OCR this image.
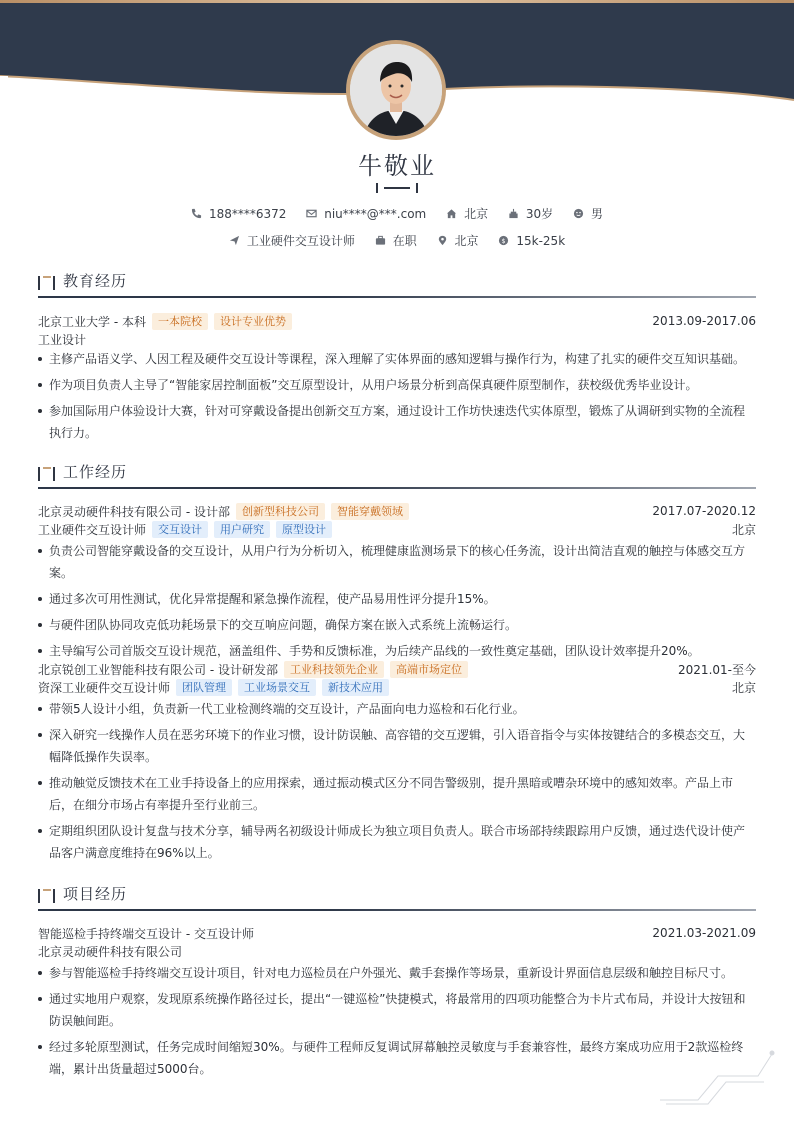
牛敬业
188****6372
	niu****@***.com
	北京
	30岁
	男
工业硬件交互设计师
	在职
	北京
	$ 15k-25k
教育经历
北京工业大学 - 本科	一本院校	设计专业优势	2013.09-2017.06
工业设计
主修产品语义学、人因工程及硬件交互设计等课程，深入理解了实体界面的感知逻辑与操作行为，构建了扎实的硬件交互知识基础。
作为项目负责人主导了“智能家居控制面板”交互原型设计，从用户场景分析到高保真硬件原型制作，获校级优秀毕业设计。
参加国际用户体验设计大赛，针对可穿戴设备提出创新交互方案，通过设计工作坊快速迭代实体原型，锻炼了从调研到实物的全流程执行力。
工作经历
北京灵动硬件科技有限公司 - 设计部	创新型科技公司	智能穿戴领域	2017.07-2020.12
工业硬件交互设计师	交互设计	用户研究	原型设计	北京
负责公司智能穿戴设备的交互设计，从用户行为分析切入，梳理健康监测场景下的核心任务流，设计出简洁直观的触控与体感交互方案。
通过多次可用性测试，优化异常提醒和紧急操作流程，使产品易用性评分提升15%。
与硬件团队协同攻克低功耗场景下的交互响应问题，确保方案在嵌入式系统上流畅运行。
主导编写公司首版交互设计规范，涵盖组件、手势和反馈标准，为后续产品线的一致性奠定基础，团队设计效率提升20%。
北京锐创工业智能科技有限公司 - 设计研发部	工业科技领先企业	高端市场定位	2021.01-至今
资深工业硬件交互设计师	团队管理	工业场景交互	新技术应用	北京
带领5人设计小组，负责新一代工业检测终端的交互设计，产品面向电力巡检和石化行业。
深入研究一线操作人员在恶劣环境下的作业习惯，设计防误触、高容错的交互逻辑，引入语音指令与实体按键结合的多模态交互，大幅降低操作失误率。
推动触觉反馈技术在工业手持设备上的应用探索，通过振动模式区分不同告警级别，提升黑暗或嘈杂环境中的感知效率。产品上市后，在细分市场占有率提升至行业前三。
定期组织团队设计复盘与技术分享，辅导两名初级设计师成长为独立项目负责人。联合市场部持续跟踪用户反馈，通过迭代设计使产品客户满意度维持在96%以上。
项目经历
智能巡检手持终端交互设计 - 交互设计师	2021.03-2021.09
北京灵动硬件科技有限公司
参与智能巡检手持终端交互设计项目，针对电力巡检员在户外强光、戴手套操作等场景，重新设计界面信息层级和触控目标尺寸。
通过实地用户观察，发现原系统操作路径过长，提出“一键巡检”快捷模式，将最常用的四项功能整合为卡片式布局，并设计大按钮和防误触间距。
经过多轮原型测试，任务完成时间缩短30%。与硬件工程师反复调试屏幕触控灵敏度与手套兼容性，最终方案成功应用于2款巡检终端，累计出货量超过5000台。
